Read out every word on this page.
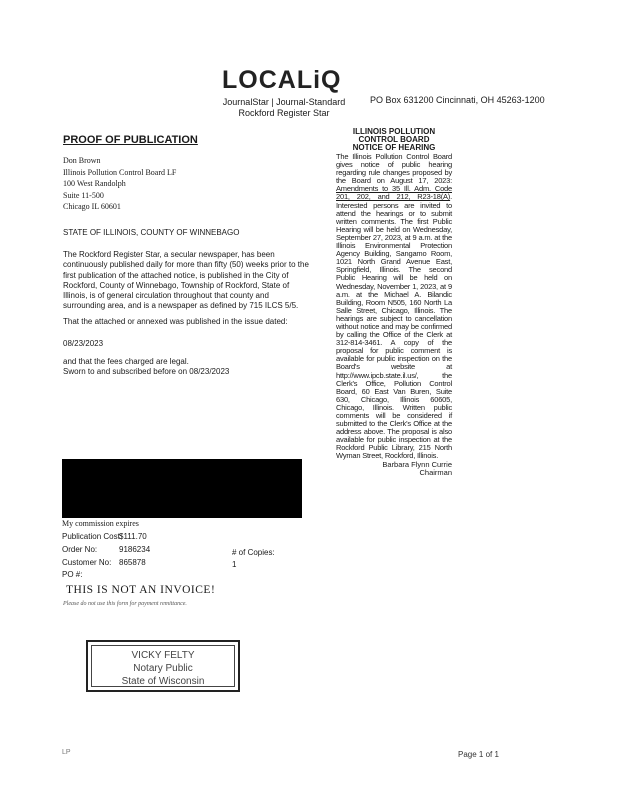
LOCALiQ
JournalStar | Journal-Standard
Rockford Register Star
PO Box 631200 Cincinnati, OH 45263-1200
PROOF OF PUBLICATION
Don Brown
Illinois Pollution Control Board LF
100 West Randolph
Suite 11-500
Chicago IL 60601
STATE OF ILLINOIS, COUNTY OF WINNEBAGO
The Rockford Register Star, a secular newspaper, has been continuously published daily for more than fifty (50) weeks prior to the first publication of the attached notice, is published in the City of Rockford, County of Winnebago, Township of Rockford, State of Illinois, is of general circulation throughout that county and surrounding area, and is a newspaper as defined by 715 ILCS 5/5.
That the attached or annexed was published in the issue dated:
08/23/2023
and that the fees charged are legal.
Sworn to and subscribed before on 08/23/2023
My commission expires
Publication Cost:
$111.70
Order No:	9186234
Customer No: 865878
PO #:
# of Copies:
1
THIS IS NOT AN INVOICE!
Please do not use this form for payment remittance.
VICKY FELTY
Notary Public
State of Wisconsin
ILLINOIS POLLUTION
CONTROL BOARD
NOTICE OF HEARING
The Illinois Pollution Control Board gives notice of public hearing regarding rule changes proposed by the Board on August 17, 2023: Amendments to 35 Ill. Adm. Code 201, 202, and 212, R23-18(A). Interested persons are invited to attend the hearings or to submit written comments. The first Public Hearing will be held on Wednesday, September 27, 2023, at 9 a.m. at the Illinois Environmental Protection Agency Building, Sangamo Room, 1021 North Grand Avenue East, Springfield, Illinois. The second Public Hearing will be held on Wednesday, November 1, 2023, at 9 a.m. at the Michael A. Bilandic Building, Room N505, 160 North La Salle Street, Chicago, Illinois. The hearings are subject to cancellation without notice and may be confirmed by calling the Office of the Clerk at 312-814-3461. A copy of the proposal for public comment is available for public inspection on the Board's website at http://www.ipcb.state.il.us/, the Clerk's Office, Pollution Control Board, 60 East Van Buren, Suite 630, Chicago, Illinois 60605, Chicago, Illinois. Written public comments will be considered if submitted to the Clerk's Office at the address above. The proposal is also available for public inspection at the Rockford Public Library, 215 North Wyman Street, Rockford, Illinois.
Barbara Flynn Currie
Chairman
LP	Page 1 of 1
